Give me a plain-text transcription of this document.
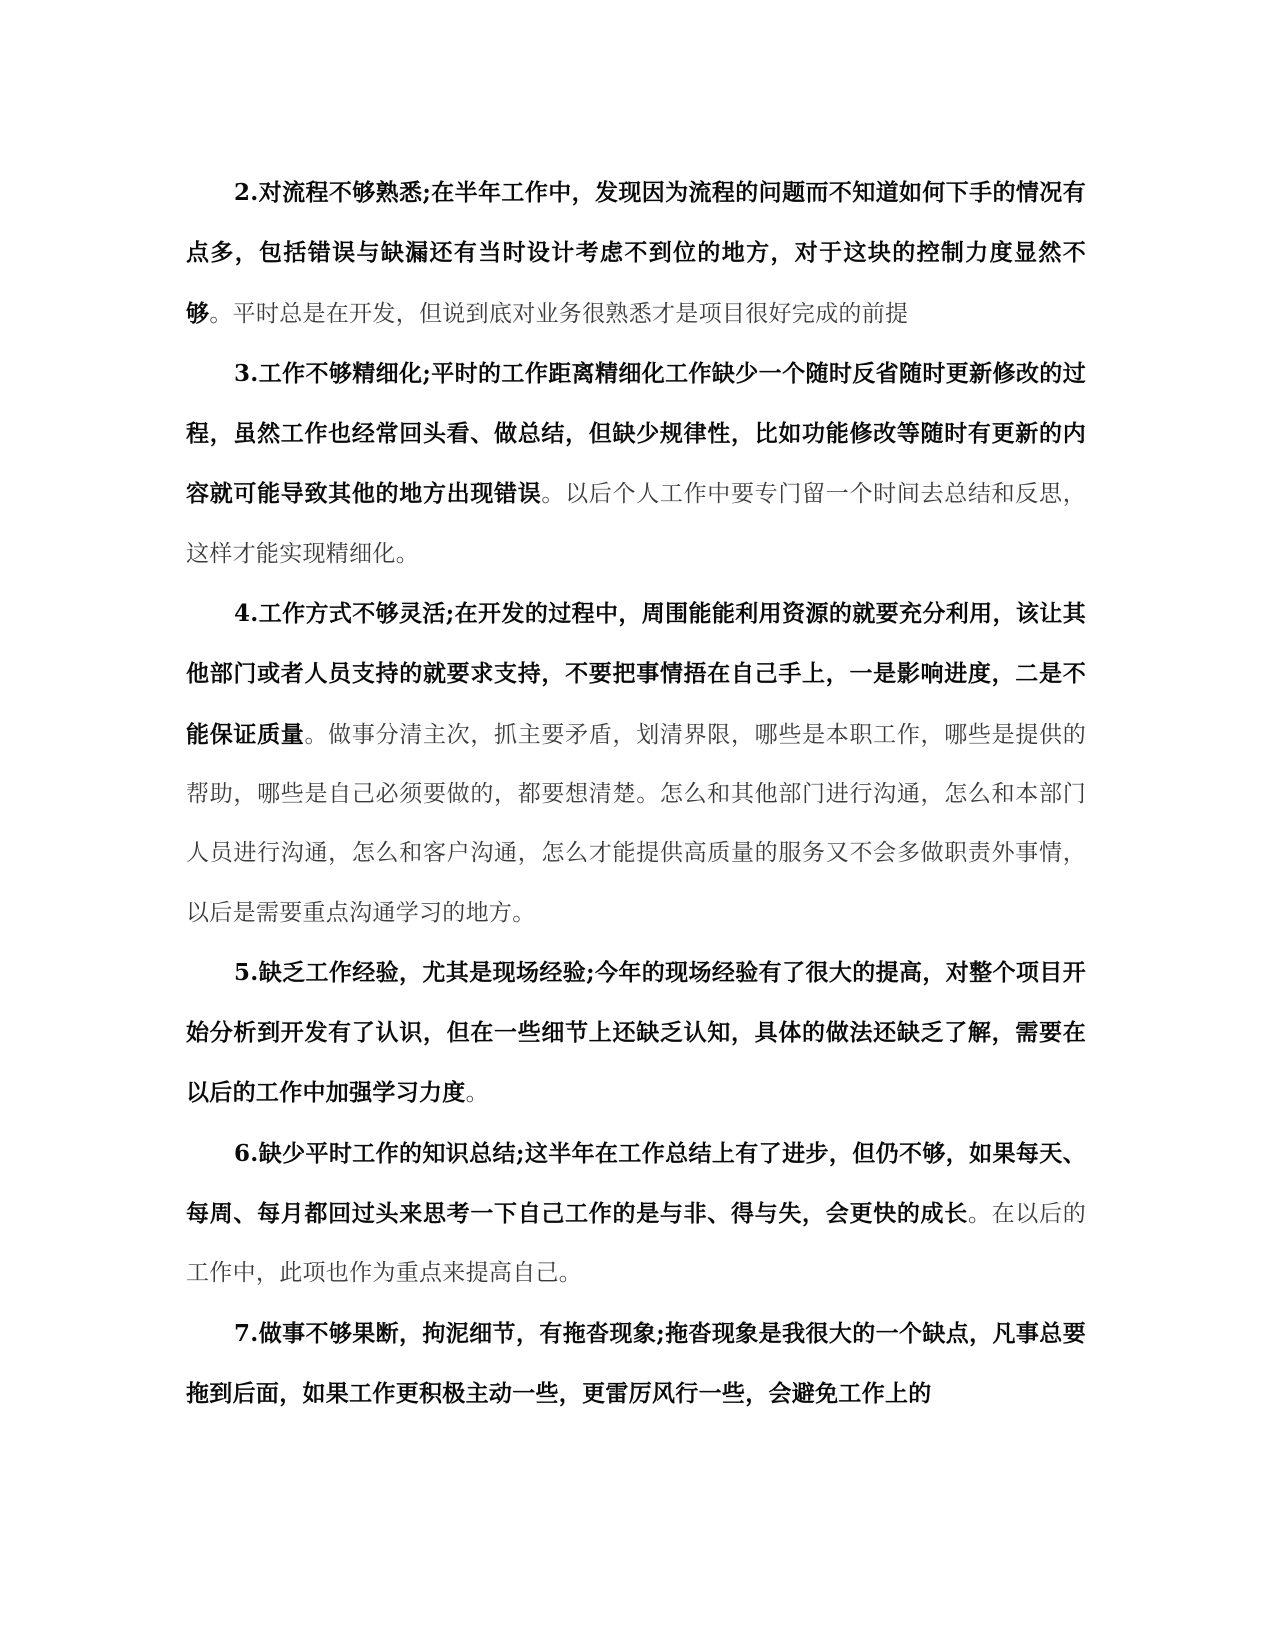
2.对流程不够熟悉;在半年工作中，发现因为流程的问题而不知道如何下手的情况有点多，包括错误与缺漏还有当时设计考虑不到位的地方，对于这块的控制力度显然不够。平时总是在开发，但说到底对业务很熟悉才是项目很好完成的前提

3.工作不够精细化;平时的工作距离精细化工作缺少一个随时反省随时更新修改的过程，虽然工作也经常回头看、做总结，但缺少规律性，比如功能修改等随时有更新的内容就可能导致其他的地方出现错误。以后个人工作中要专门留一个时间去总结和反思，这样才能实现精细化。

4.工作方式不够灵活;在开发的过程中，周围能能利用资源的就要充分利用，该让其他部门或者人员支持的就要求支持，不要把事情捂在自己手上，一是影响进度，二是不能保证质量。做事分清主次，抓主要矛盾，划清界限，哪些是本职工作，哪些是提供的帮助，哪些是自己必须要做的，都要想清楚。怎么和其他部门进行沟通，怎么和本部门人员进行沟通，怎么和客户沟通，怎么才能提供高质量的服务又不会多做职责外事情，以后是需要重点沟通学习的地方。

5.缺乏工作经验，尤其是现场经验;今年的现场经验有了很大的提高，对整个项目开始分析到开发有了认识，但在一些细节上还缺乏认知，具体的做法还缺乏了解，需要在以后的工作中加强学习力度。

6.缺少平时工作的知识总结;这半年在工作总结上有了进步，但仍不够，如果每天、每周、每月都回过头来思考一下自己工作的是与非、得与失，会更快的成长。在以后的工作中，此项也作为重点来提高自己。

7.做事不够果断，拘泥细节，有拖沓现象;拖沓现象是我很大的一个缺点，凡事总要拖到后面，如果工作更积极主动一些，更雷厉风行一些，会避免工作上的
